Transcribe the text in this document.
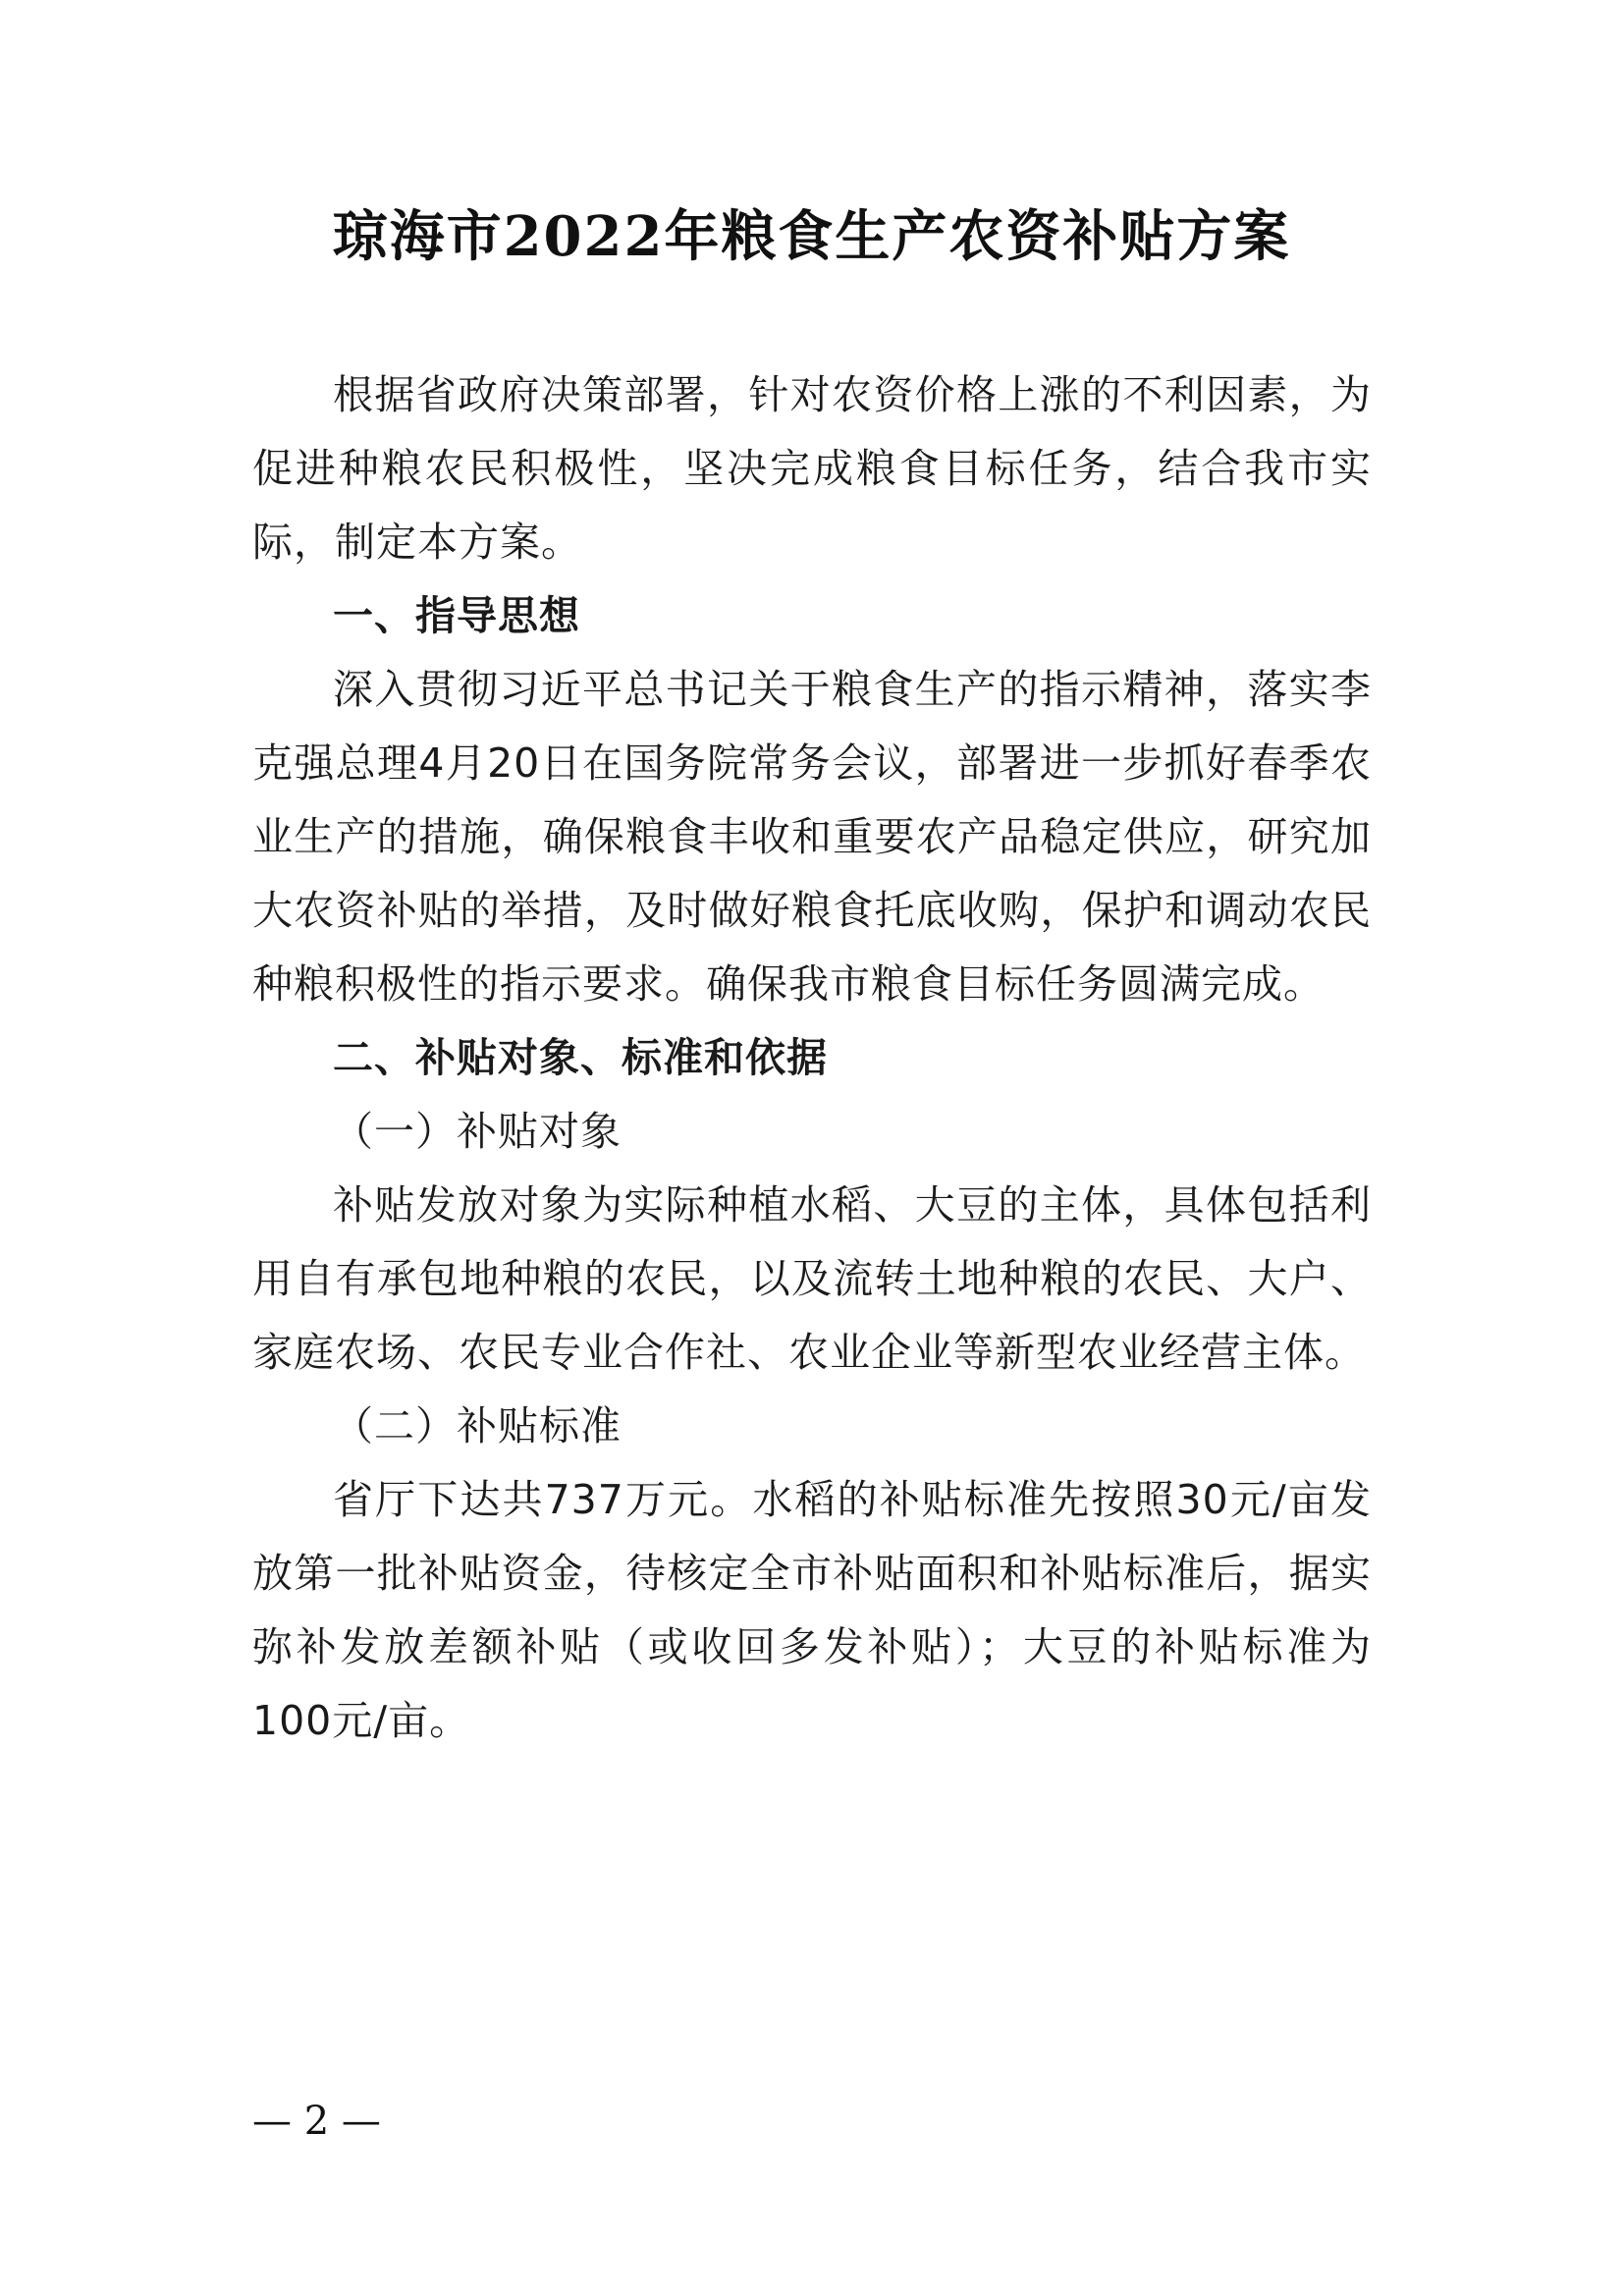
琼海市2022年粮食生产农资补贴方案

根据省政府决策部署，针对农资价格上涨的不利因素，为促进种粮农民积极性，坚决完成粮食目标任务，结合我市实际，制定本方案。

一、指导思想

深入贯彻习近平总书记关于粮食生产的指示精神，落实李克强总理4月20日在国务院常务会议，部署进一步抓好春季农业生产的措施，确保粮食丰收和重要农产品稳定供应，研究加大农资补贴的举措，及时做好粮食托底收购，保护和调动农民种粮积极性的指示要求。确保我市粮食目标任务圆满完成。

二、补贴对象、标准和依据

（一）补贴对象

补贴发放对象为实际种植水稻、大豆的主体，具体包括利用自有承包地种粮的农民，以及流转土地种粮的农民、大户、家庭农场、农民专业合作社、农业企业等新型农业经营主体。

（二）补贴标准

省厅下达共737万元。水稻的补贴标准先按照30元/亩发放第一批补贴资金，待核定全市补贴面积和补贴标准后，据实弥补发放差额补贴（或收回多发补贴）；大豆的补贴标准为100元/亩。

— 2 —
